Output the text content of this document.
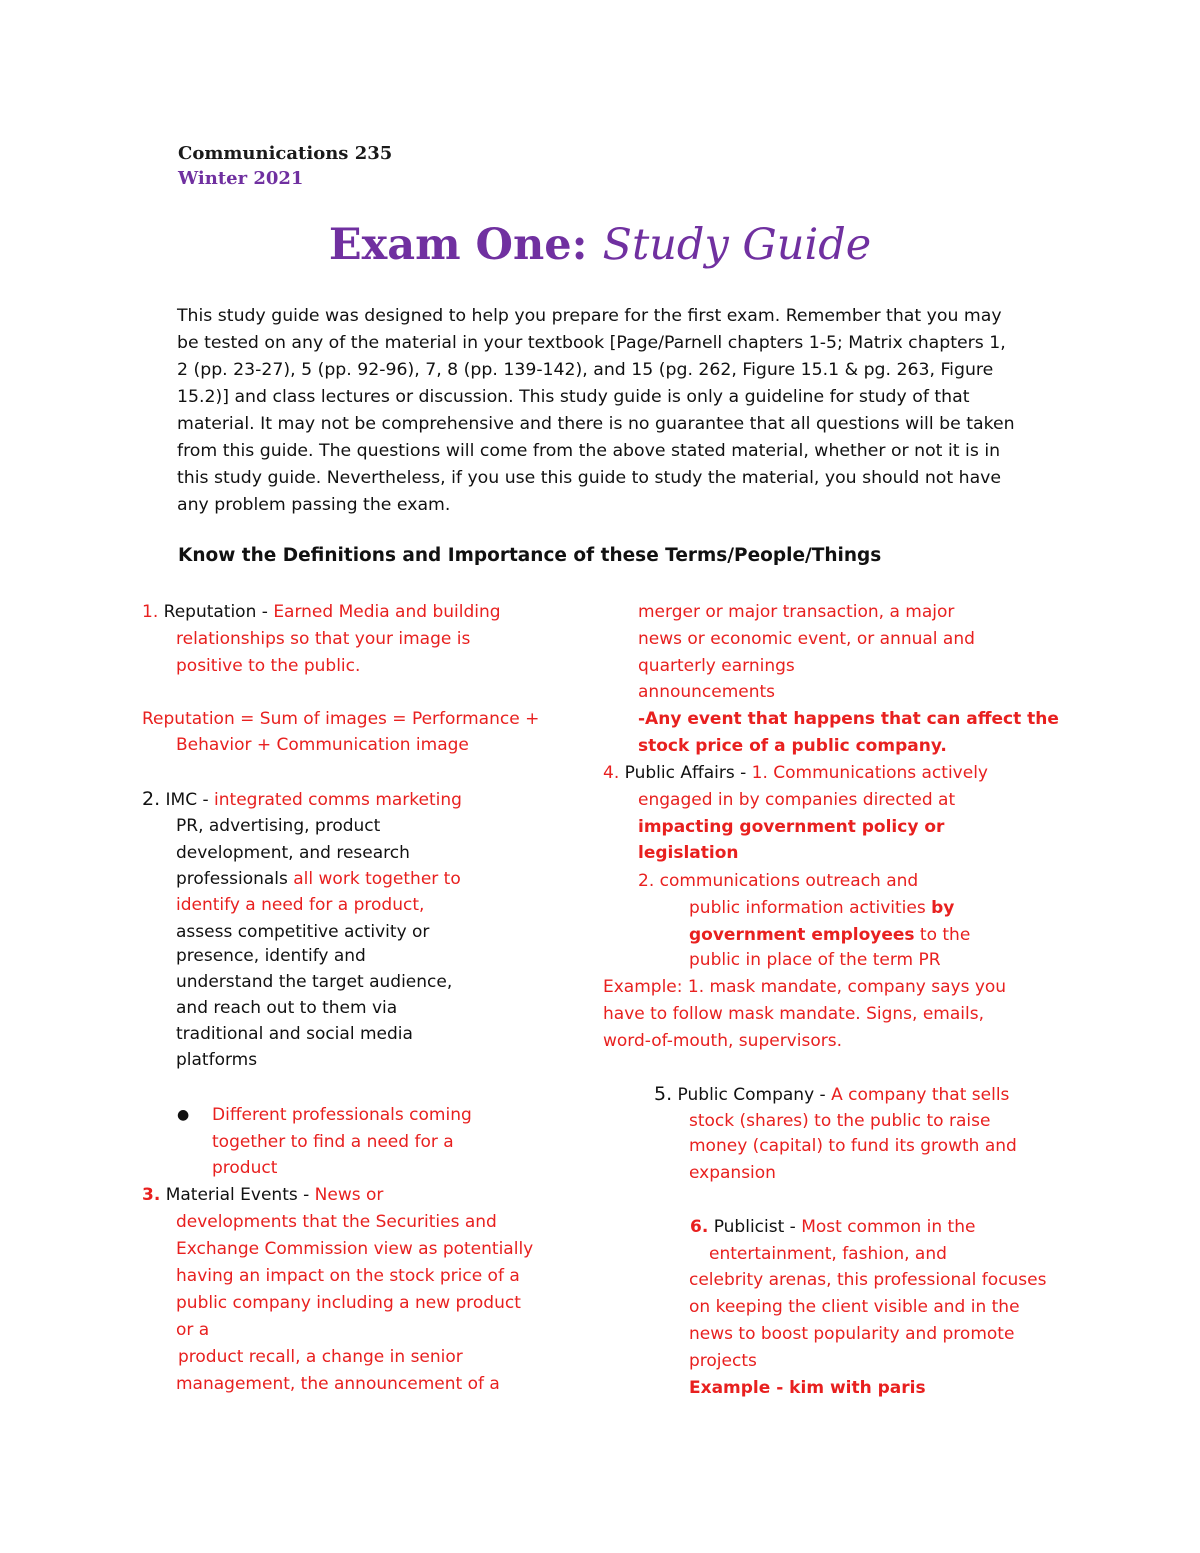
Communications 235
Winter 2021
Exam One: Study Guide
This study guide was designed to help you prepare for the first exam. Remember that you may
be tested on any of the material in your textbook [Page/Parnell chapters 1-5; Matrix chapters 1,
2 (pp. 23-27), 5 (pp. 92-96), 7, 8 (pp. 139-142), and 15 (pg. 262, Figure 15.1 & pg. 263, Figure
15.2)] and class lectures or discussion. This study guide is only a guideline for study of that
material. It may not be comprehensive and there is no guarantee that all questions will be taken
from this guide. The questions will come from the above stated material, whether or not it is in
this study guide. Nevertheless, if you use this guide to study the material, you should not have
any problem passing the exam.
Know the Definitions and Importance of these Terms/People/Things
1. Reputation - Earned Media and building
relationships so that your image is
positive to the public.
Reputation = Sum of images = Performance +
Behavior + Communication image
2. IMC - integrated comms marketing
PR, advertising, product
development, and research
professionals all work together to
identify a need for a product,
assess competitive activity or
presence, identify and
understand the target audience,
and reach out to them via
traditional and social media
platforms
● Different professionals coming
together to find a need for a
product
3. Material Events - News or
developments that the Securities and
Exchange Commission view as potentially
having an impact on the stock price of a
public company including a new product
or a
product recall, a change in senior
management, the announcement of a
merger or major transaction, a major
news or economic event, or annual and
quarterly earnings
announcements
-Any event that happens that can affect the
stock price of a public company.
4. Public Affairs - 1. Communications actively
engaged in by companies directed at
impacting government policy or
legislation
2. communications outreach and
public information activities by
government employees to the
public in place of the term PR
Example: 1. mask mandate, company says you
have to follow mask mandate. Signs, emails,
word-of-mouth, supervisors.
5. Public Company - A company that sells
stock (shares) to the public to raise
money (capital) to fund its growth and
expansion
6. Publicist - Most common in the
entertainment, fashion, and
celebrity arenas, this professional focuses
on keeping the client visible and in the
news to boost popularity and promote
projects
Example - kim with paris
